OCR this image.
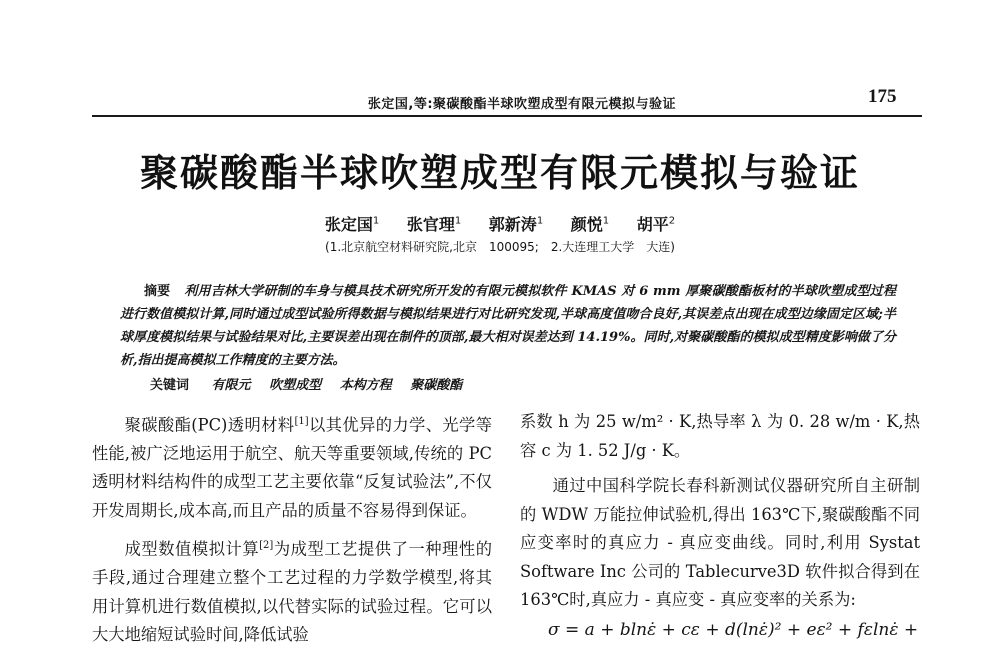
张定国,等:聚碳酸酯半球吹塑成型有限元模拟与验证	175
聚碳酸酯半球吹塑成型有限元模拟与验证
张定国$^1$ 张官理$^1$ 郭新涛$^1$ 颜悦$^1$ 胡平$^2$
(1.北京航空材料研究院,北京　100095;　2.大连理工大学　大连)
摘要 利用吉林大学研制的车身与模具技术研究所开发的有限元模拟软件 KMAS 对 6 mm 厚聚碳酸酯板材的半球吹塑成型过程进行数值模拟计算,同时通过成型试验所得数据与模拟结果进行对比研究发现,半球高度值吻合良好,其误差点出现在成型边缘固定区域;半球厚度模拟结果与试验结果对比,主要误差出现在制件的顶部,最大相对误差达到 14.19%。同时,对聚碳酸酯的模拟成型精度影响做了分析,指出提高模拟工作精度的主要方法。
关键词 有限元 吹塑成型 本构方程 聚碳酸酯

聚碳酸酯(PC)透明材料[1]以其优异的力学、光学等性能,被广泛地运用于航空、航天等重要领域,传统的 PC 透明材料结构件的成型工艺主要依靠“反复试验法”,不仅开发周期长,成本高,而且产品的质量不容易得到保证。

成型数值模拟计算[2]为成型工艺提供了一种理性的手段,通过合理建立整个工艺过程的力学数学模型,将其用计算机进行数值模拟,以代替实际的试验过程。它可以大大地缩短试验时间,降低试验

系数 h 为 25 w/m² · K,热导率 λ 为 0. 28 w/m · K,热容 c 为 1. 52 J/g · K。

通过中国科学院长春科新测试仪器研究所自主研制的 WDW 万能拉伸试验机,得出 163℃下,聚碳酸酯不同应变率时的真应力 - 真应变曲线。同时,利用 Systat Software Inc 公司的 Tablecurve3D 软件拟合得到在 163℃时,真应力 - 真应变 - 真应变率的关系为:

σ = a + blnε̇ + cε + d(lnε̇)² + eε² + fεlnε̇ +
